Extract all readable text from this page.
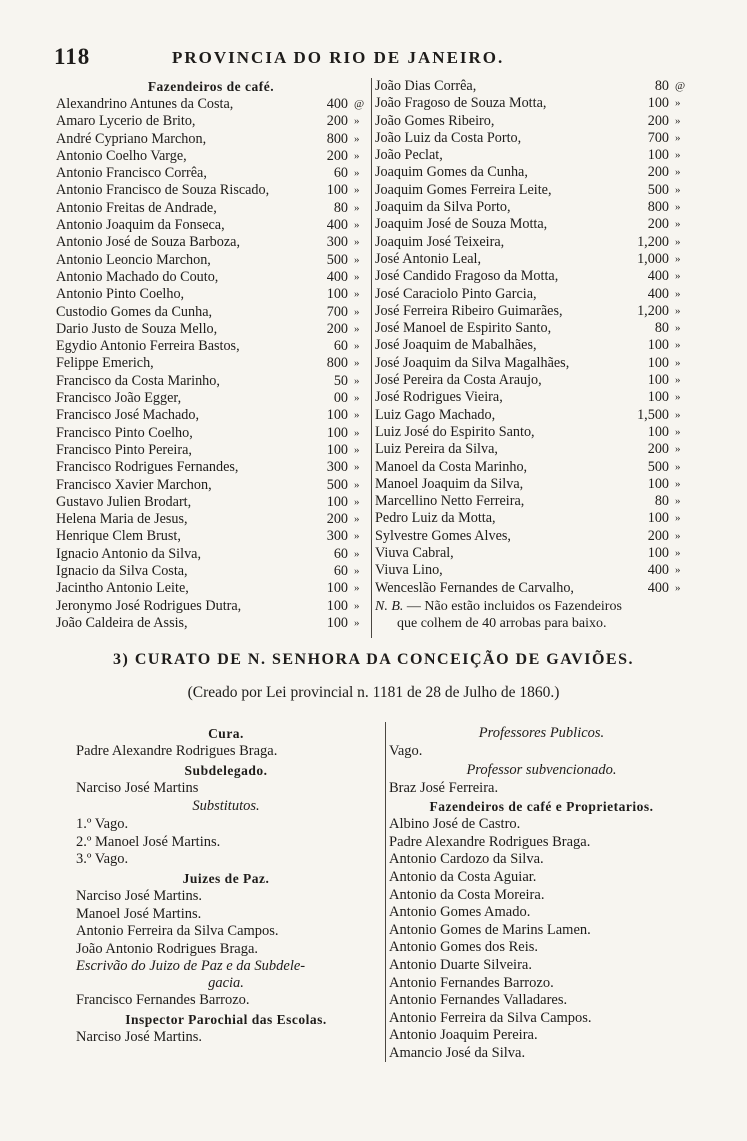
118	PROVINCIA DO RIO DE JANEIRO.
Fazendeiros de café.
Alexandrino Antunes da Costa,	400 @
Amaro Lycerio de Brito,	200 »
André Cypriano Marchon,	800 »
Antonio Coelho Varge,	200 »
Antonio Francisco Corrêa,	60 »
Antonio Francisco de Souza Riscado,	100 »
Antonio Freitas de Andrade,	80 »
Antonio Joaquim da Fonseca,	400 »
Antonio José de Souza Barboza,	300 »
Antonio Leoncio Marchon,	500 »
Antonio Machado do Couto,	400 »
Antonio Pinto Coelho,	100 »
Custodio Gomes da Cunha,	700 »
Dario Justo de Souza Mello,	200 »
Egydio Antonio Ferreira Bastos,	60 »
Felippe Emerich,	800 »
Francisco da Costa Marinho,	50 »
Francisco João Egger,	00 »
Francisco José Machado,	100 »
Francisco Pinto Coelho,	100 »
Francisco Pinto Pereira,	100 »
Francisco Rodrigues Fernandes,	300 »
Francisco Xavier Marchon,	500 »
Gustavo Julien Brodart,	100 »
Helena Maria de Jesus,	200 »
Henrique Clem Brust,	300 »
Ignacio Antonio da Silva,	60 »
Ignacio da Silva Costa,	60 »
Jacintho Antonio Leite,	100 »
Jeronymo José Rodrigues Dutra,	100 »
João Caldeira de Assis,	100 »
João Dias Corrêa,	80 @
João Fragoso de Souza Motta,	100 »
João Gomes Ribeiro,	200 »
João Luiz da Costa Porto,	700 »
João Peclat,	100 »
Joaquim Gomes da Cunha,	200 »
Joaquim Gomes Ferreira Leite,	500 »
Joaquim da Silva Porto,	800 »
Joaquim José de Souza Motta,	200 »
Joaquim José Teixeira,	1,200 »
José Antonio Leal,	1,000 »
José Candido Fragoso da Motta,	400 »
José Caraciolo Pinto Garcia,	400 »
José Ferreira Ribeiro Guimarães,	1,200 »
José Manoel de Espirito Santo,	80 »
José Joaquim de Mabalhães,	100 »
José Joaquim da Silva Magalhães,	100 »
José Pereira da Costa Araujo,	100 »
José Rodrigues Vieira,	100 »
Luiz Gago Machado,	1,500 »
Luiz José do Espirito Santo,	100 »
Luiz Pereira da Silva,	200 »
Manoel da Costa Marinho,	500 »
Manoel Joaquim da Silva,	100 »
Marcellino Netto Ferreira,	80 »
Pedro Luiz da Motta,	100 »
Sylvestre Gomes Alves,	200 »
Viuva Cabral,	100 »
Viuva Lino,	400 »
Wenceslão Fernandes de Carvalho,	400 »
N. B. — Não estão incluidos os Fazendeiros
que colhem de 40 arrobas para baixo.
3) CURATO DE N. SENHORA DA CONCEIÇÃO DE GAVIÕES.
(Creado por Lei provincial n. 1181 de 28 de Julho de 1860.)
Cura.
Padre Alexandre Rodrigues Braga.
Subdelegado.
Narciso José Martins
Substitutos.
1.º Vago.
2.º Manoel José Martins.
3.º Vago.
Juizes de Paz.
Narciso José Martins.
Manoel José Martins.
Antonio Ferreira da Silva Campos.
João Antonio Rodrigues Braga.
Escrivão do Juizo de Paz e da Subdele-
gacia.
Francisco Fernandes Barrozo.
Inspector Parochial das Escolas.
Narciso José Martins.
Professores Publicos.
Vago.
Professor subvencionado.
Braz José Ferreira.
Fazendeiros de café e Proprietarios.
Albino José de Castro.
Padre Alexandre Rodrigues Braga.
Antonio Cardozo da Silva.
Antonio da Costa Aguiar.
Antonio da Costa Moreira.
Antonio Gomes Amado.
Antonio Gomes de Marins Lamen.
Antonio Gomes dos Reis.
Antonio Duarte Silveira.
Antonio Fernandes Barrozo.
Antonio Fernandes Valladares.
Antonio Ferreira da Silva Campos.
Antonio Joaquim Pereira.
Amancio José da Silva.
